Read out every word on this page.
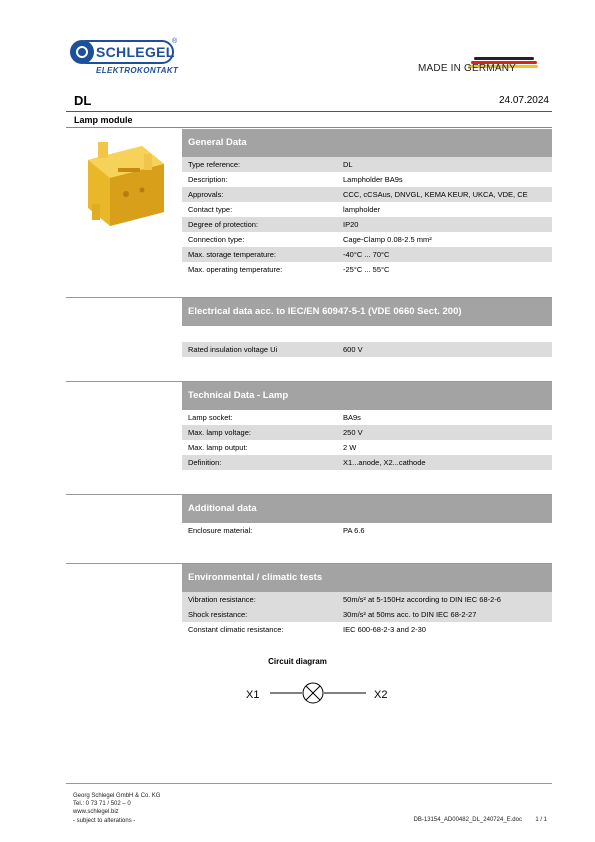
SCHLEGEL
®
ELEKTROKONTAKT	MADE IN GERMANY
DL	24.07.2024
Lamp module
General Data
Type reference:	DL
Description:	Lampholder BA9s
Approvals:	CCC, cCSAus, DNVGL, KEMA KEUR, UKCA, VDE, CE
Contact type:	lampholder
Degree of protection:	IP20
Connection type:	Cage-Clamp 0.08-2.5 mm²
Max. storage temperature:	-40°C ... 70°C
Max. operating temperature:	-25°C ... 55°C
Electrical data acc. to IEC/EN 60947-5-1 (VDE 0660 Sect. 200)
Rated insulation voltage Ui	600 V
Technical Data - Lamp
Lamp socket:	BA9s
Max. lamp voltage:	250 V
Max. lamp output:	2 W
Definition:	X1...anode, X2...cathode
Additional data
Enclosure material:	PA 6.6
Environmental / climatic tests
Vibration resistance:	50m/s² at 5-150Hz according to DIN IEC 68-2-6
Shock resistance:	30m/s² at 50ms acc. to DIN IEC 68-2-27
Constant climatic resistance:	IEC 600-68-2-3 and 2-30
Circuit diagram
X1	X2
Georg Schlegel GmbH & Co. KG
Tel.: 0 73 71 / 502 – 0
www.schlegel.biz
- subject to alterations -	DB-13154_AD00482_DL_240724_E.doc 1 / 1
